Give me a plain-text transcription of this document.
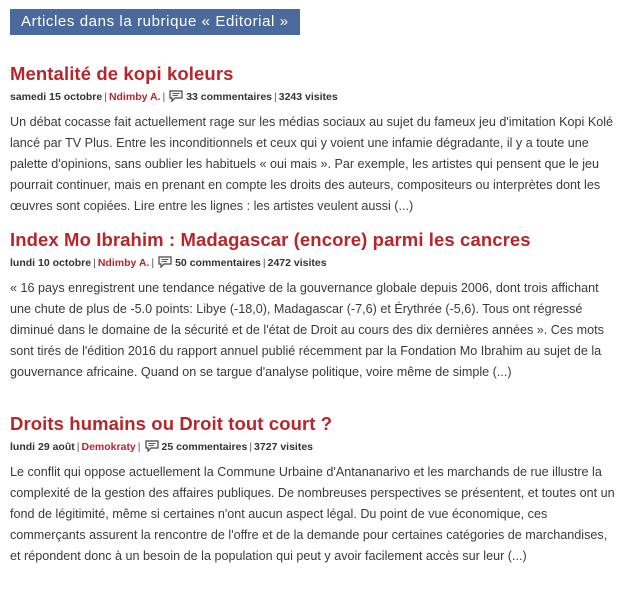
Articles dans la rubrique « Editorial »
Mentalité de kopi koleurs
samedi 15 octobre | Ndimby A. | 33 commentaires | 3243 visites

Un débat cocasse fait actuellement rage sur les médias sociaux au sujet du fameux jeu d'imitation Kopi Kolé lancé par TV Plus. Entre les inconditionnels et ceux qui y voient une infamie dégradante, il y a toute une palette d'opinions, sans oublier les habituels « oui mais ». Par exemple, les artistes qui pensent que le jeu pourrait continuer, mais en prenant en compte les droits des auteurs, compositeurs ou interprètes dont les œuvres sont copiées. Lire entre les lignes : les artistes veulent aussi (...)

Index Mo Ibrahim : Madagascar (encore) parmi les cancres
lundi 10 octobre | Ndimby A. | 50 commentaires | 2472 visites

« 16 pays enregistrent une tendance négative de la gouvernance globale depuis 2006, dont trois affichant une chute de plus de -5.0 points: Libye (-18,0), Madagascar (-7,6) et Érythrée (-5,6). Tous ont régressé diminué dans le domaine de la sécurité et de l'état de Droit au cours des dix dernières années ». Ces mots sont tirés de l'édition 2016 du rapport annuel publié récemment par la Fondation Mo Ibrahim au sujet de la gouvernance africaine. Quand on se targue d'analyse politique, voire même de simple (...)

Droits humains ou Droit tout court ?
lundi 29 août | Demokraty | 25 commentaires | 3727 visites

Le conflit qui oppose actuellement la Commune Urbaine d'Antananarivo et les marchands de rue illustre la complexité de la gestion des affaires publiques. De nombreuses perspectives se présentent, et toutes ont un fond de légitimité, même si certaines n'ont aucun aspect légal. Du point de vue économique, ces commerçants assurent la rencontre de l'offre et de la demande pour certaines catégories de marchandises, et répondent donc à un besoin de la population qui peut y avoir facilement accès sur leur (...)
